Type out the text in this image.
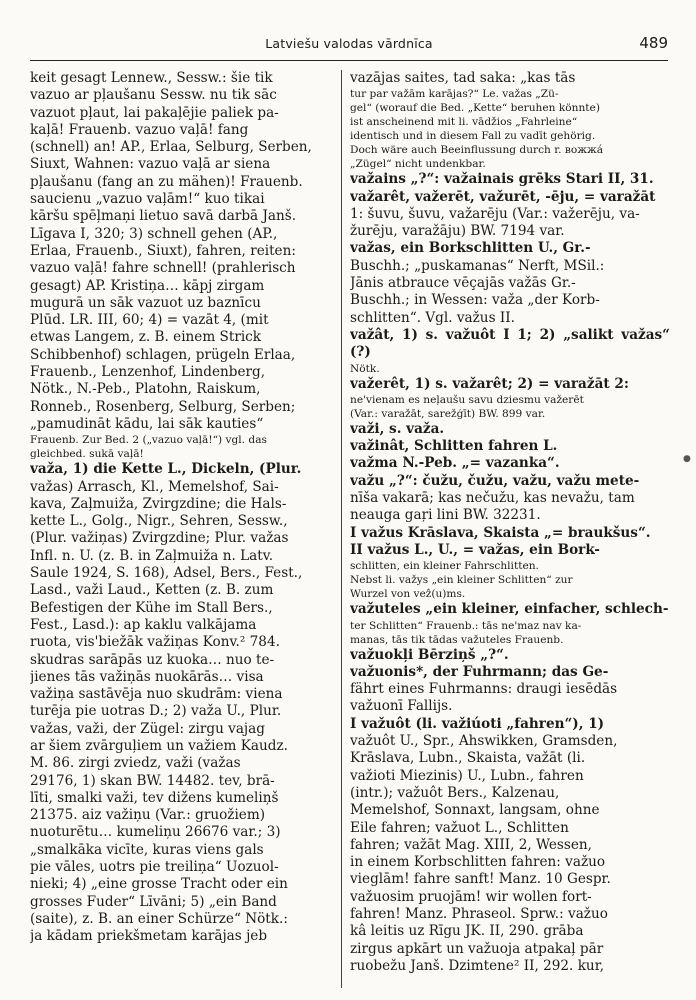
Latviešu valodas vārdnīca	489

keit gesagt Lennew., Sessw.: šie tik

vazuo ar pļaušanu Sessw. nu tik sāc

vazuot pļaut, lai pakaļējie paliek pa-

kaļā! Frauenb. vazuo vaļā! fang

(schnell) an! AP., Erlaa, Selburg, Serben,

Siuxt, Wahnen: vazuo vaļā ar siena

pļaušanu (fang an zu mähen)! Frauenb.

saucienu „vazuo vaļām!“ kuo tikai

kāršu spēļmaņi lietuo savā darbā Janš.

Līgava I, 320; 3) schnell gehen (AP.,

Erlaa, Frauenb., Siuxt), fahren, reiten:

vazuo vaļā! fahre schnell! (prahlerisch

gesagt) AP. Kristiņa… kāpj zirgam

mugurā un sāk vazuot uz baznīcu

Plūd. LR. III, 60; 4) = vazāt 4, (mit

etwas Langem, z. B. einem Strick

Schibbenhof) schlagen, prügeln Erlaa,

Frauenb., Lenzenhof, Lindenberg,

Nötk., N.-Peb., Platohn, Raiskum,

Ronneb., Rosenberg, Selburg, Serben;

„pamudināt kādu, lai sāk kauties“

Frauenb. Zur Bed. 2 („vazuo vaļā!“) vgl. das

gleichbed. sukā vaļā!

važa, 1) die Kette L., Dickeln, (Plur.

važas) Arrasch, Kl., Memelshof, Sai-

kava, Zaļmuiža, Zvirgzdine; die Hals-

kette L., Golg., Nigr., Sehren, Sessw.,

(Plur. važiņas) Zvirgzdine; Plur. važas

Infl. n. U. (z. B. in Zaļmuiža n. Latv.

Saule 1924, S. 168), Adsel, Bers., Fest.,

Lasd., važi Laud., Ketten (z. B. zum

Befestigen der Kühe im Stall Bers.,

Fest., Lasd.): ap kaklu valkājama

ruota, vis'biežāk važiņas Konv.² 784.

skudras sarāpās uz kuoka… nuo te-

jienes tās važiņās nuokārās… visa

važiņa sastāvēja nuo skudrām: viena

turēja pie uotras D.; 2) važa U., Plur.

važas, važi, der Zügel: zirgu vajag

ar šiem zvārguļiem un važiem Kaudz.

M. 86. zirgi zviedz, važi (važas

29176, 1) skan BW. 14482. tev, brā-

līti, smalki važi, tev dižens kumeliņš

21375. aiz važiņu (Var.: gruožiem)

nuoturētu… kumeliņu 26676 var.; 3)

„smalkāka vicīte, kuras viens gals

pie vāles, uotrs pie treiliņa“ Uozuol-

nieki; 4) „eine grosse Tracht oder ein

grosses Fuder“ Līvāni; 5) „ein Band

(saite), z. B. an einer Schürze“ Nötk.:

ja kādam priekšmetam karājas jeb

vazājas saites, tad saka: „kas tās

tur par važām karājas?“ Le. važas „Zü-

gel“ (worauf die Bed. „Kette“ beruhen könnte)

ist anscheinend mit li. vādžios „Fahrleine“

identisch und in diesem Fall zu vadīt gehörig.

Doch wäre auch Beeinflussung durch r. вожжá

„Zügel“ nicht undenkbar.

važains „?“: važainais grēks Stari II, 31.

važarêt, važerēt, važurēt, -ēju, = varažāt

1: šuvu, šuvu, važarēju (Var.: važerēju, va-

žurēju, varažāju) BW. 7194 var.

važas, ein Borkschlitten U., Gr.-

Buschh.; „puskamanas“ Nerft, MSil.:

Jānis atbrauce vēçajās važās Gr.-

Buschh.; in Wessen: važa „der Korb-

schlitten“. Vgl. važus II.

važât, 1) s. važuôt I 1; 2) „salikt važas“ (?)

Nötk.

važerêt, 1) s. važarêt; 2) = varažāt 2:

ne'vienam es neļaušu savu dziesmu važerēt

(Var.: varažāt, sarežģīt) BW. 899 var.

važi, s. važa.

važinât, Schlitten fahren L.

važma N.-Peb. „= vazanka“.

važu „?“: čužu, čužu, važu, važu mete-

nīša vakarā; kas nečužu, kas nevažu, tam

neauga gaŗi lini BW. 32231.

I važus Krāslava, Skaista „= braukšus“.

II važus L., U., = važas, ein Bork-

schlitten, ein kleiner Fahrschlitten.

Nebst li. važys „ein kleiner Schlitten“ zur

Wurzel von veẑ(u)ms.

važuteles „ein kleiner, einfacher, schlech-

ter Schlitten“ Frauenb.: tās ne'maz nav ka-

manas, tās tik tādas važuteles Frauenb.

važuokļi Bērziņš „?“.

važuonis*, der Fuhrmann; das Ge-

fährt eines Fuhrmanns: draugi iesēdās

važuonī Fallijs.

I važuôt (li. važiúoti „fahren“), 1)

važuôt U., Spr., Ahswikken, Gramsden,

Krāslava, Lubn., Skaista, važāt (li.

važioti Miezinis) U., Lubn., fahren

(intr.); važuôt Bers., Kalzenau,

Memelshof, Sonnaxt, langsam, ohne

Eile fahren; važuot L., Schlitten

fahren; važāt Mag. XIII, 2, Wessen,

in einem Korbschlitten fahren: važuo

vieglām! fahre sanft! Manz. 10 Gespr.

važuosim pruojām! wir wollen fort-

fahren! Manz. Phraseol. Sprw.: važuo

kâ leitis uz Rīgu JK. II, 290. grāba

zirgus apkārt un važuoja atpakaļ pār

ruobežu Janš. Dzimtene² II, 292. kur,

●
